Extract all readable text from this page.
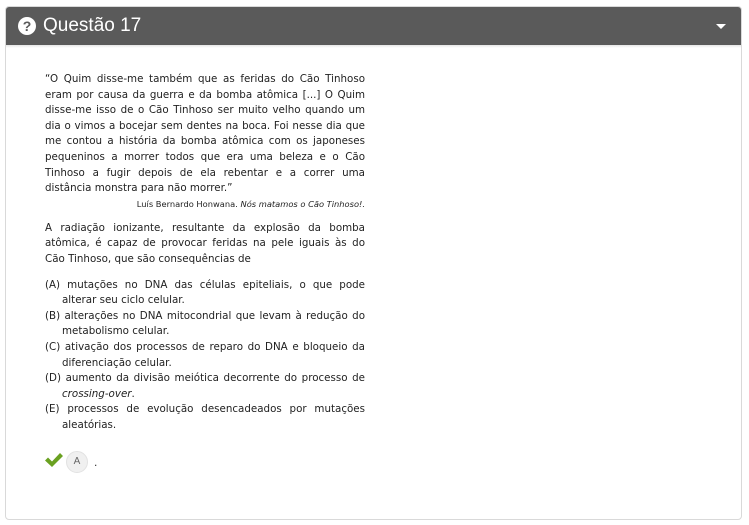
? Questão 17

“O Quim disse-me também que as feridas do Cão Tinhoso eram por causa da guerra e da bomba atômica [...] O Quim disse-me isso de o Cão Tinhoso ser muito velho quando um dia o vimos a bocejar sem dentes na boca. Foi nesse dia que me contou a história da bomba atômica com os japoneses pequeninos a morrer todos que era uma beleza e o Cão Tinhoso a fugir depois de ela rebentar e a correr uma distância monstra para não morrer.”

Luís Bernardo Honwana. Nós matamos o Cão Tinhoso!.

A radiação ionizante, resultante da explosão da bomba atômica, é capaz de provocar feridas na pele iguais às do Cão Tinhoso, que são consequências de

(A) mutações no DNA das células epiteliais, o que pode alterar seu ciclo celular.
(B) alterações no DNA mitocondrial que levam à redução do metabolismo celular.
(C) ativação dos processos de reparo do DNA e bloqueio da diferenciação celular.
(D) aumento da divisão meiótica decorrente do processo de crossing-over.
(E) processos de evolução desencadeados por mutações aleatórias.
A	.
